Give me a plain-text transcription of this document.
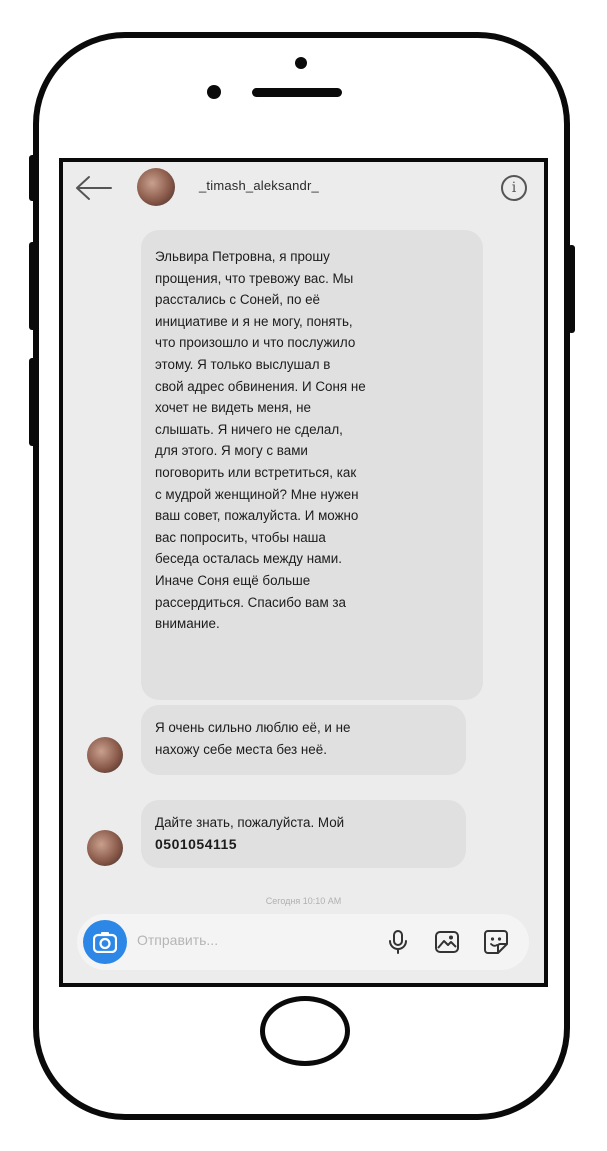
_timash_aleksandr_	i
Эльвира Петровна, я прошу
прощения, что тревожу вас. Мы
расстались с Соней, по её
инициативе и я не могу, понять,
что произошло и что послужило
этому. Я только выслушал в
свой адрес обвинения. И Соня не
хочет не видеть меня, не
слышать. Я ничего не сделал,
для этого. Я могу с вами
поговорить или встретиться, как
с мудрой женщиной? Мне нужен
ваш совет, пожалуйста. И можно
вас попросить, чтобы наша
беседа осталась между нами.
Иначе Соня ещё больше
рассердиться. Спасибо вам за
внимание.
Я очень сильно люблю её, и не
нахожу себе места без неё.
Дайте знать, пожалуйста. Мой
0501054115
Сегодня 10:10 AM
Отправить...
